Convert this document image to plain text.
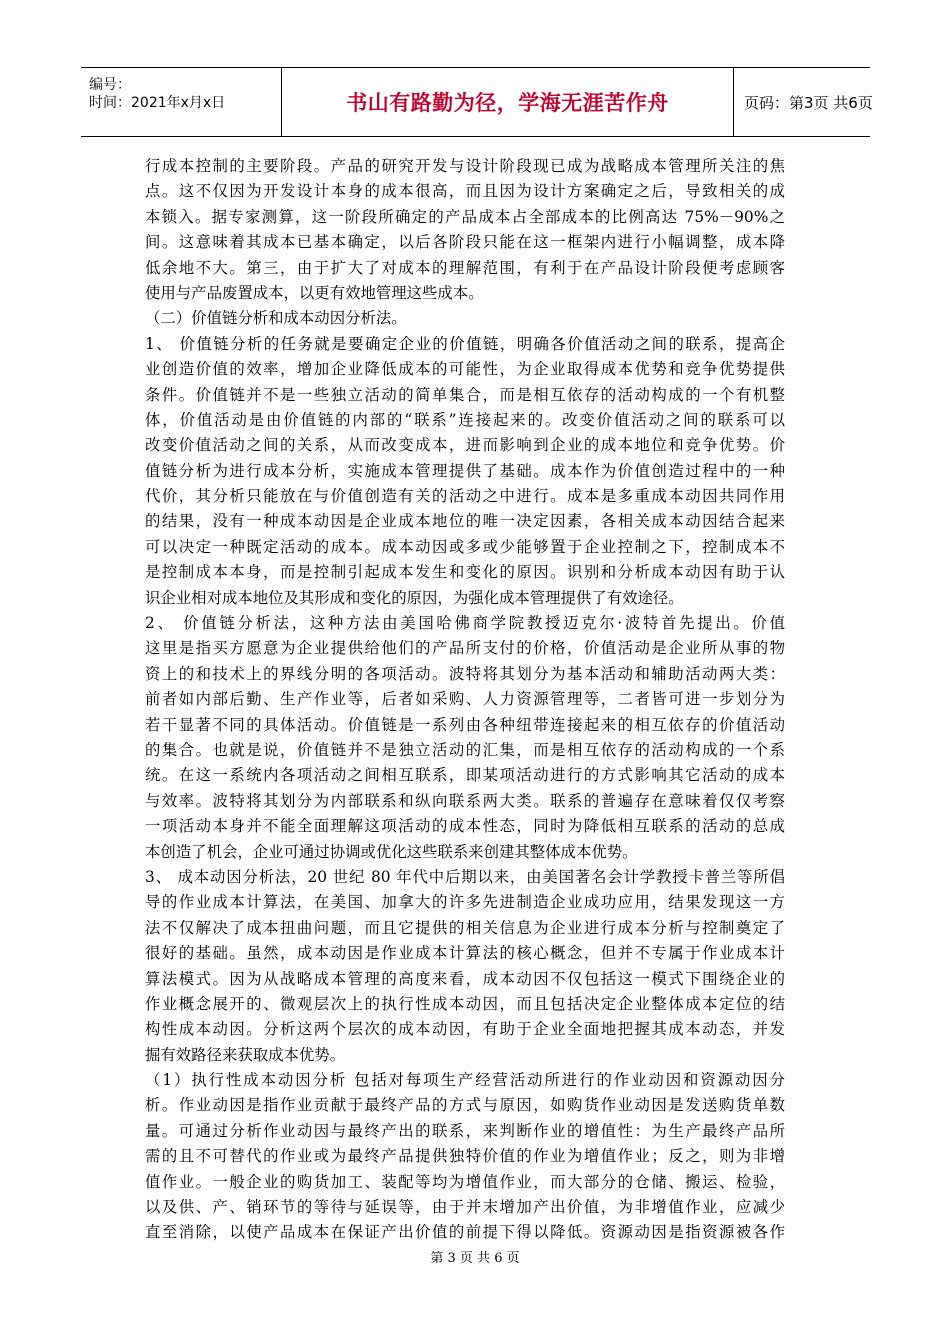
编号：
时间：2021年x月x日	书山有路勤为径，学海无涯苦作舟	页码：第3页 共6页
行成本控制的主要阶段。产品的研究开发与设计阶段现已成为战略成本管理所关注的焦
点。这不仅因为开发设计本身的成本很高，而且因为设计方案确定之后，导致相关的成
本锁入。据专家测算，这一阶段所确定的产品成本占全部成本的比例高达 75%－90%之
间。这意味着其成本已基本确定，以后各阶段只能在这一框架内进行小幅调整，成本降
低余地不大。第三，由于扩大了对成本的理解范围，有利于在产品设计阶段便考虑顾客
使用与产品废置成本，以更有效地管理这些成本。
（二）价值链分析和成本动因分析法。
1、 价值链分析的任务就是要确定企业的价值链，明确各价值活动之间的联系，提高企
业创造价值的效率，增加企业降低成本的可能性，为企业取得成本优势和竞争优势提供
条件。价值链并不是一些独立活动的简单集合，而是相互依存的活动构成的一个有机整
体，价值活动是由价值链的内部的“联系”连接起来的。改变价值活动之间的联系可以
改变价值活动之间的关系，从而改变成本，进而影响到企业的成本地位和竞争优势。价
值链分析为进行成本分析，实施成本管理提供了基础。成本作为价值创造过程中的一种
代价，其分析只能放在与价值创造有关的活动之中进行。成本是多重成本动因共同作用
的结果，没有一种成本动因是企业成本地位的唯一决定因素，各相关成本动因结合起来
可以决定一种既定活动的成本。成本动因或多或少能够置于企业控制之下，控制成本不
是控制成本本身，而是控制引起成本发生和变化的原因。识别和分析成本动因有助于认
识企业相对成本地位及其形成和变化的原因，为强化成本管理提供了有效途径。
2、 价值链分析法，这种方法由美国哈佛商学院教授迈克尔·波特首先提出。价值
这里是指买方愿意为企业提供给他们的产品所支付的价格，价值活动是企业所从事的物
资上的和技术上的界线分明的各项活动。波特将其划分为基本活动和辅助活动两大类：
前者如内部后勤、生产作业等，后者如采购、人力资源管理等，二者皆可进一步划分为
若干显著不同的具体活动。价值链是一系列由各种纽带连接起来的相互依存的价值活动
的集合。也就是说，价值链并不是独立活动的汇集，而是相互依存的活动构成的一个系
统。在这一系统内各项活动之间相互联系，即某项活动进行的方式影响其它活动的成本
与效率。波特将其划分为内部联系和纵向联系两大类。联系的普遍存在意味着仅仅考察
一项活动本身并不能全面理解这项活动的成本性态，同时为降低相互联系的活动的总成
本创造了机会，企业可通过协调或优化这些联系来创建其整体成本优势。
3、 成本动因分析法，20 世纪 80 年代中后期以来，由美国著名会计学教授卡普兰等所倡
导的作业成本计算法，在美国、加拿大的许多先进制造企业成功应用，结果发现这一方
法不仅解决了成本扭曲问题，而且它提供的相关信息为企业进行成本分析与控制奠定了
很好的基础。虽然，成本动因是作业成本计算法的核心概念，但并不专属于作业成本计
算法模式。因为从战略成本管理的高度来看，成本动因不仅包括这一模式下围绕企业的
作业概念展开的、微观层次上的执行性成本动因，而且包括决定企业整体成本定位的结
构性成本动因。分析这两个层次的成本动因，有助于企业全面地把握其成本动态，并发
掘有效路径来获取成本优势。
（1）执行性成本动因分析 包括对每项生产经营活动所进行的作业动因和资源动因分
析。作业动因是指作业贡献于最终产品的方式与原因，如购货作业动因是发送购货单数
量。可通过分析作业动因与最终产出的联系，来判断作业的增值性：为生产最终产品所
需的且不可替代的作业或为最终产品提供独特价值的作业为增值作业；反之，则为非增
值作业。一般企业的购货加工、装配等均为增值作业，而大部分的仓储、搬运、检验，
以及供、产、销环节的等待与延误等，由于并末增加产出价值，为非增值作业，应减少
直至消除，以使产品成本在保证产出价值的前提下得以降低。资源动因是指资源被各作
第 3 页 共 6 页
